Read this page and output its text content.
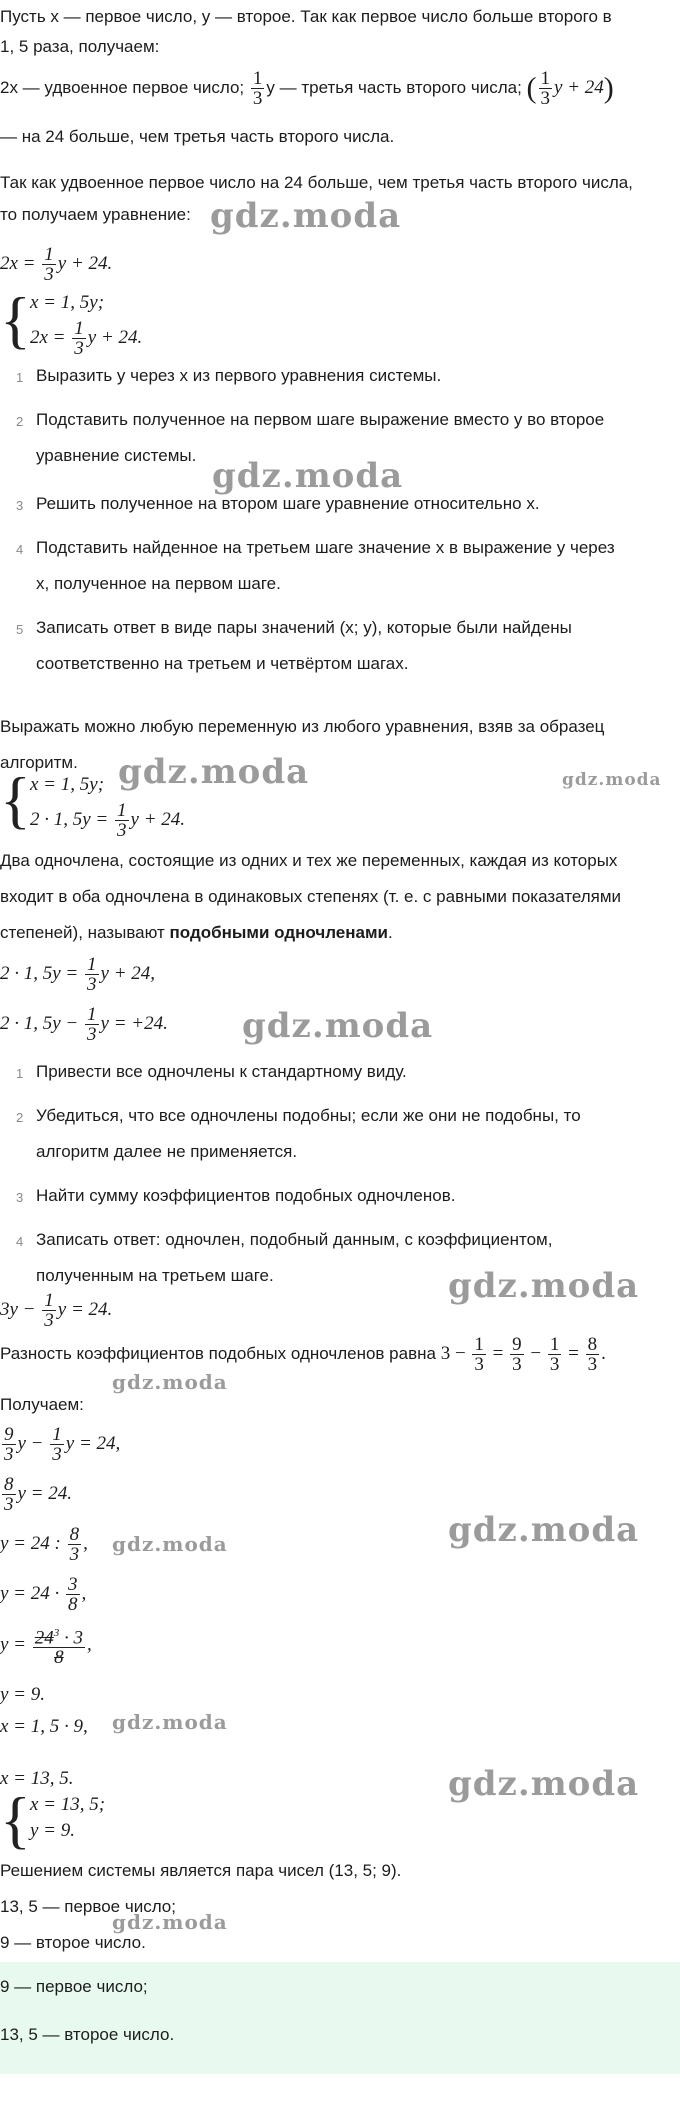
Пусть x — первое число, y — второе. Так как первое число больше второго в
1, 5 раза, получаем:
2x — удвоенное первое число; $\frac{1}{3}$ y — третья часть второго числа; ( $\frac{1}{3}$ y + 24)
— на 24 больше, чем третья часть второго числа.
Так как удвоенное первое число на 24 больше, чем третья часть второго числа,
то получаем уравнение: gdz.moda
$2x = \frac{1}{3}$ y + 24.
{ x = 1, 5y;
$2x = \frac{1}{3}$ y + 24.
1 Выразить y через x из первого уравнения системы.
2 Подставить полученное на первом шаге выражение вместо y во второе
уравнение системы.
3 Решить полученное на втором шаге уравнение относительно x.
4 Подставить найденное на третьем шаге значение x в выражение y через
x, полученное на первом шаге.
5 Записать ответ в виде пары значений (x; y), которые были найдены
соответственно на третьем и четвёртом шагах.
gdz.moda
Выражать можно любую переменную из любого уравнения, взяв за образец
алгоритм. gdz.moda	gdz.moda
{ x = 1, 5y;
2 · 1, $5y = \frac{1}{3}$ y + 24.
Два одночлена, состоящие из одних и тех же переменных, каждая из которых
входит в оба одночлена в одинаковых степенях (т. е. с равными показателями
степеней), называют подобными одночленами.
2 · 1, $5y = \frac{1}{3}$ y + 24,
2 · 1, $5y - \frac{1}{3}$ y = +24. gdz.moda
1 Привести все одночлены к стандартному виду.
2 Убедиться, что все одночлены подобны; если же они не подобны, то
алгоритм далее не применяется.
3 Найти сумму коэффициентов подобных одночленов.
4 Записать ответ: одночлен, подобный данным, с коэффициентом,
полученным на третьем шаге.
$3y - \frac{1}{3}$ y = 24.
gdz.moda
Разность коэффициентов подобных одночленов равна $3 - \frac{1}{3} = \frac{9}{3} - \frac{1}{3} = \frac{8}{3}$ .
gdz.moda
Получаем:
$\frac{9}{3}$ $y - \frac{1}{3}$ y = 24,
$\frac{8}{3}$ y = 24.
y = 24 : $\frac{8}{3}$ , gdz.moda	gdz.moda
$y = 24 \cdot \frac{3}{8}$ ,
$y = \frac{24^3 \cdot 3}{8}$ ,
y = 9.
x = 1, 5 · 9, gdz.moda
x = 13, 5.	gdz.moda
{ x = 13, 5;
y = 9.
Решением системы является пара чисел (13, 5; 9).
13, 5 — первое число;
gdz.moda
9 — второе число.
9 — первое число;
13, 5 — второе число.
